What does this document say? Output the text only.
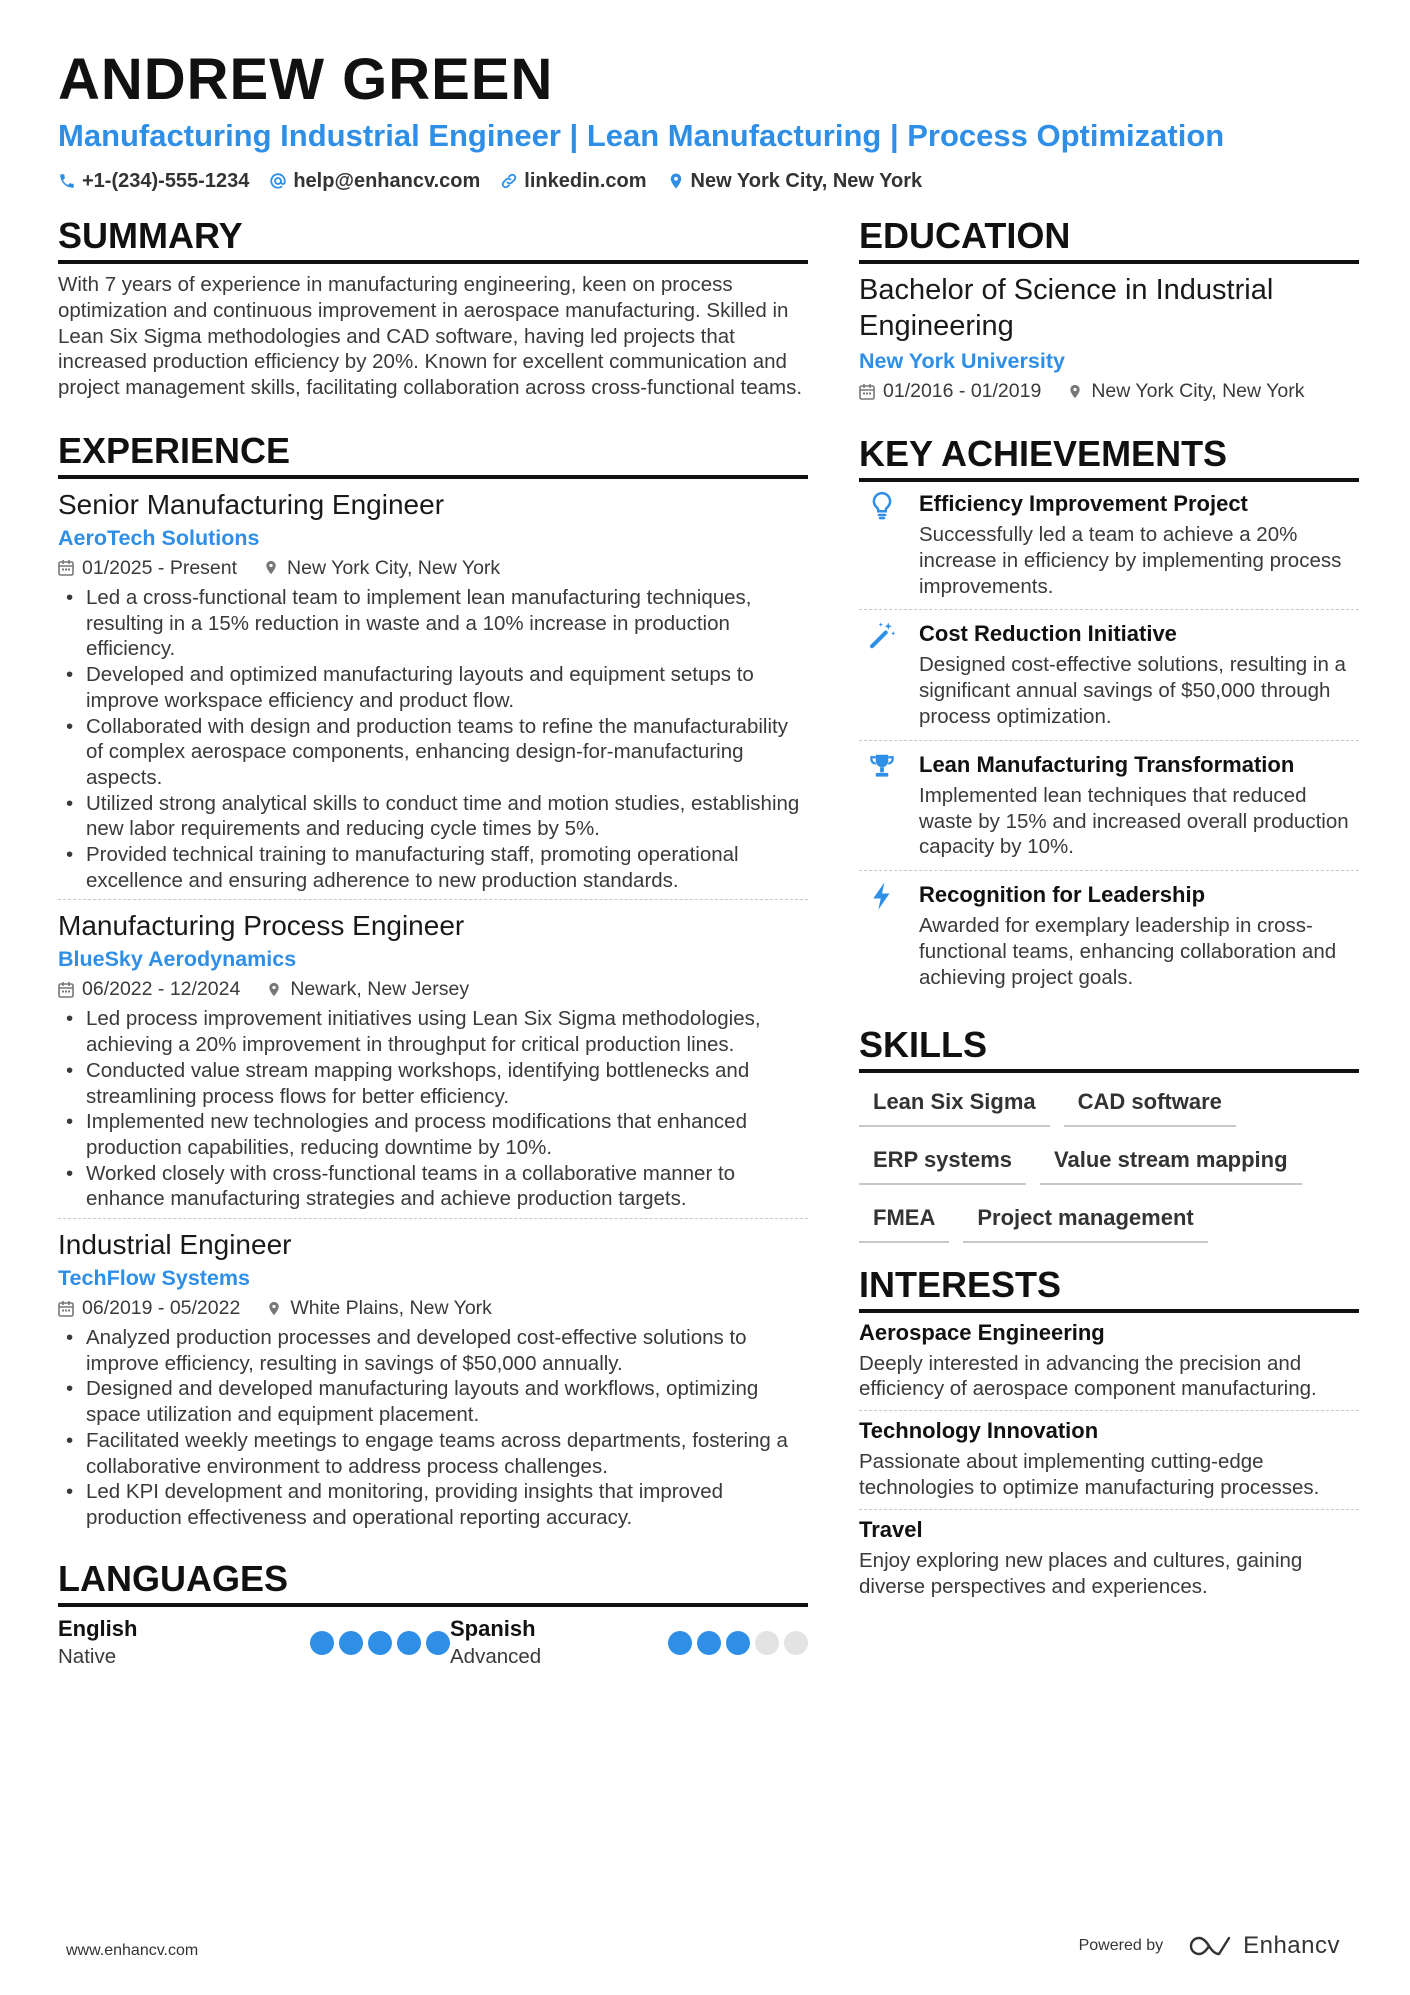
ANDREW GREEN
Manufacturing Industrial Engineer | Lean Manufacturing | Process Optimization
+1-(234)-555-1234 help@enhancv.com linkedin.com New York City, New York
SUMMARY
With 7 years of experience in manufacturing engineering, keen on process optimization and continuous improvement in aerospace manufacturing. Skilled in Lean Six Sigma methodologies and CAD software, having led projects that increased production efficiency by 20%. Known for excellent communication and project management skills, facilitating collaboration across cross-functional teams.
EXPERIENCE
Senior Manufacturing Engineer
AeroTech Solutions
01/2025 - Present	New York City, New York
• Led a cross-functional team to implement lean manufacturing techniques, resulting in a 15% reduction in waste and a 10% increase in production efficiency.
• Developed and optimized manufacturing layouts and equipment setups to improve workspace efficiency and product flow.
• Collaborated with design and production teams to refine the manufacturability of complex aerospace components, enhancing design-for-manufacturing aspects.
• Utilized strong analytical skills to conduct time and motion studies, establishing new labor requirements and reducing cycle times by 5%.
• Provided technical training to manufacturing staff, promoting operational excellence and ensuring adherence to new production standards.
Manufacturing Process Engineer
BlueSky Aerodynamics
06/2022 - 12/2024	Newark, New Jersey
• Led process improvement initiatives using Lean Six Sigma methodologies, achieving a 20% improvement in throughput for critical production lines.
• Conducted value stream mapping workshops, identifying bottlenecks and streamlining process flows for better efficiency.
• Implemented new technologies and process modifications that enhanced production capabilities, reducing downtime by 10%.
• Worked closely with cross-functional teams in a collaborative manner to enhance manufacturing strategies and achieve production targets.
Industrial Engineer
TechFlow Systems
06/2019 - 05/2022	White Plains, New York
• Analyzed production processes and developed cost-effective solutions to improve efficiency, resulting in savings of $50,000 annually.
• Designed and developed manufacturing layouts and workflows, optimizing space utilization and equipment placement.
• Facilitated weekly meetings to engage teams across departments, fostering a collaborative environment to address process challenges.
• Led KPI development and monitoring, providing insights that improved production effectiveness and operational reporting accuracy.
LANGUAGES
English
Native
Spanish
Advanced
EDUCATION
Bachelor of Science in Industrial Engineering
New York University
01/2016 - 01/2019	New York City, New York
KEY ACHIEVEMENTS
Efficiency Improvement Project
Successfully led a team to achieve a 20% increase in efficiency by implementing process improvements.
Cost Reduction Initiative
Designed cost-effective solutions, resulting in a significant annual savings of $50,000 through process optimization.
Lean Manufacturing Transformation
Implemented lean techniques that reduced waste by 15% and increased overall production capacity by 10%.
Recognition for Leadership
Awarded for exemplary leadership in cross-functional teams, enhancing collaboration and achieving project goals.
SKILLS
Lean Six Sigma	CAD software
ERP systems	Value stream mapping
FMEA	Project management
INTERESTS
Aerospace Engineering
Deeply interested in advancing the precision and efficiency of aerospace component manufacturing.
Technology Innovation
Passionate about implementing cutting-edge technologies to optimize manufacturing processes.
Travel
Enjoy exploring new places and cultures, gaining diverse perspectives and experiences.
www.enhancv.com	Powered by	Enhancv
